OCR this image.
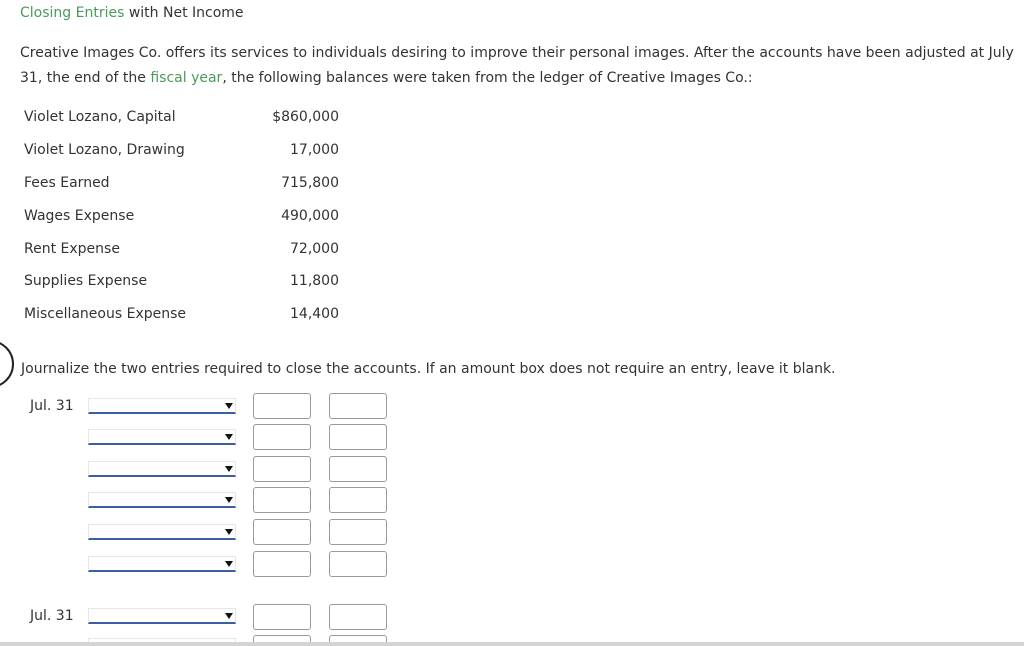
Closing Entries with Net Income
Creative Images Co. offers its services to individuals desiring to improve their personal images. After the accounts have been adjusted at July 31, the end of the fiscal year, the following balances were taken from the ledger of Creative Images Co.:
Violet Lozano, Capital	$860,000
Violet Lozano, Drawing	17,000
Fees Earned	715,800
Wages Expense	490,000
Rent Expense	72,000
Supplies Expense	11,800
Miscellaneous Expense	14,400
Journalize the two entries required to close the accounts. If an amount box does not require an entry, leave it blank.
Jul. 31
Jul. 31
